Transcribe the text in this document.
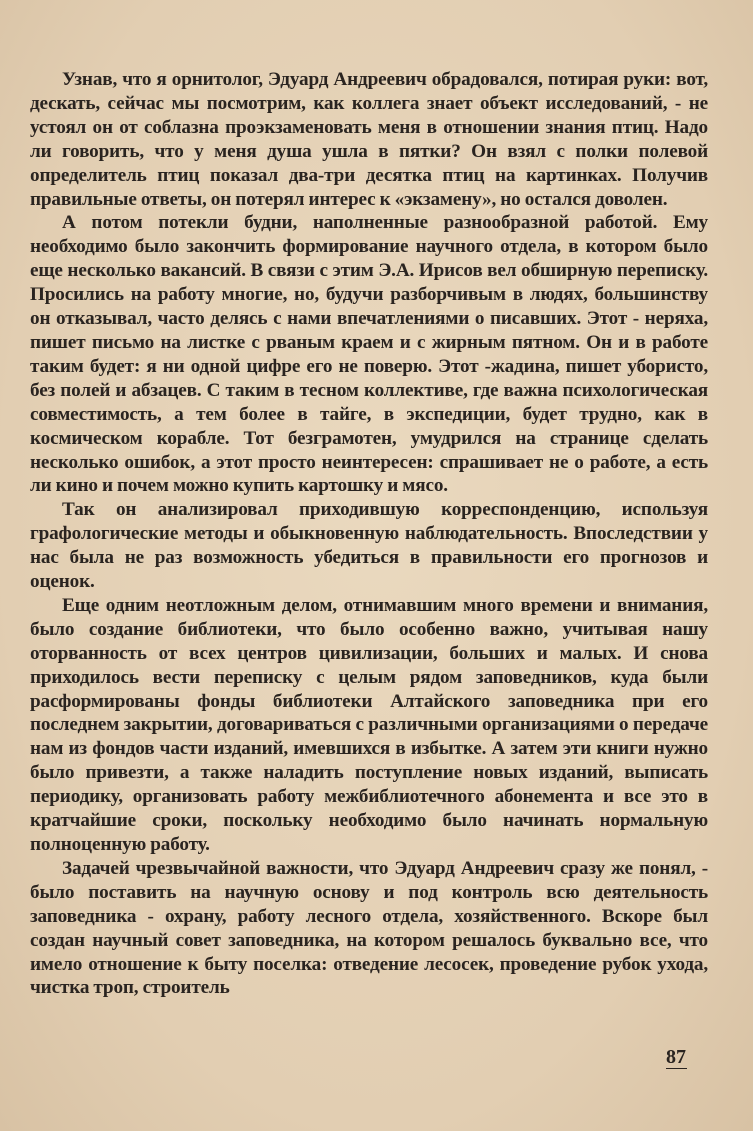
Узнав, что я орнитолог, Эдуард Андреевич обрадовался, потирая руки: вот, дескать, сейчас мы посмотрим, как коллега знает объект исследований, - не устоял он от соблазна проэкзаменовать меня в отношении знания птиц. Надо ли говорить, что у меня душа ушла в пятки? Он взял с полки полевой определитель птиц показал два-три десятка птиц на картинках. Получив правильные ответы, он потерял интерес к «экзамену», но остался доволен.

А потом потекли будни, наполненные разнообразной работой. Ему необходимо было закончить формирование научного отдела, в котором было еще несколько вакансий. В связи с этим Э.А. Ирисов вел обширную переписку. Просились на работу многие, но, будучи разборчивым в людях, большинству он отказывал, часто делясь с нами впечатлениями о писавших. Этот - неряха, пишет письмо на листке с рваным краем и с жирным пятном. Он и в работе таким будет: я ни одной цифре его не поверю. Этот -жадина, пишет убористо, без полей и абзацев. С таким в тесном коллективе, где важна психологическая совместимость, а тем более в тайге, в экспедиции, будет трудно, как в космическом корабле. Тот безграмотен, умудрился на странице сделать несколько ошибок, а этот просто неинтересен: спрашивает не о работе, а есть ли кино и почем можно купить картошку и мясо.

Так он анализировал приходившую корреспонденцию, используя графологические методы и обыкновенную наблюдательность. Впоследствии у нас была не раз возможность убедиться в правильности его прогнозов и оценок.

Еще одним неотложным делом, отнимавшим много времени и внимания, было создание библиотеки, что было особенно важно, учитывая нашу оторванность от всех центров цивилизации, больших и малых. И снова приходилось вести переписку с целым рядом заповедников, куда были расформированы фонды библиотеки Алтайского заповедника при его последнем закрытии, договариваться с различными организациями о передаче нам из фондов части изданий, имевшихся в избытке. А затем эти книги нужно было привезти, а также наладить поступление новых изданий, выписать периодику, организовать работу межбиблиотечного абонемента и все это в кратчайшие сроки, поскольку необходимо было начинать нормальную полноценную работу.

Задачей чрезвычайной важности, что Эдуард Андреевич сразу же понял, - было поставить на научную основу и под контроль всю деятельность заповедника - охрану, работу лесного отдела, хозяйственного. Вскоре был создан научный совет заповедника, на котором решалось буквально все, что имело отношение к быту поселка: отведение лесосек, проведение рубок ухода, чистка троп, строитель

87
